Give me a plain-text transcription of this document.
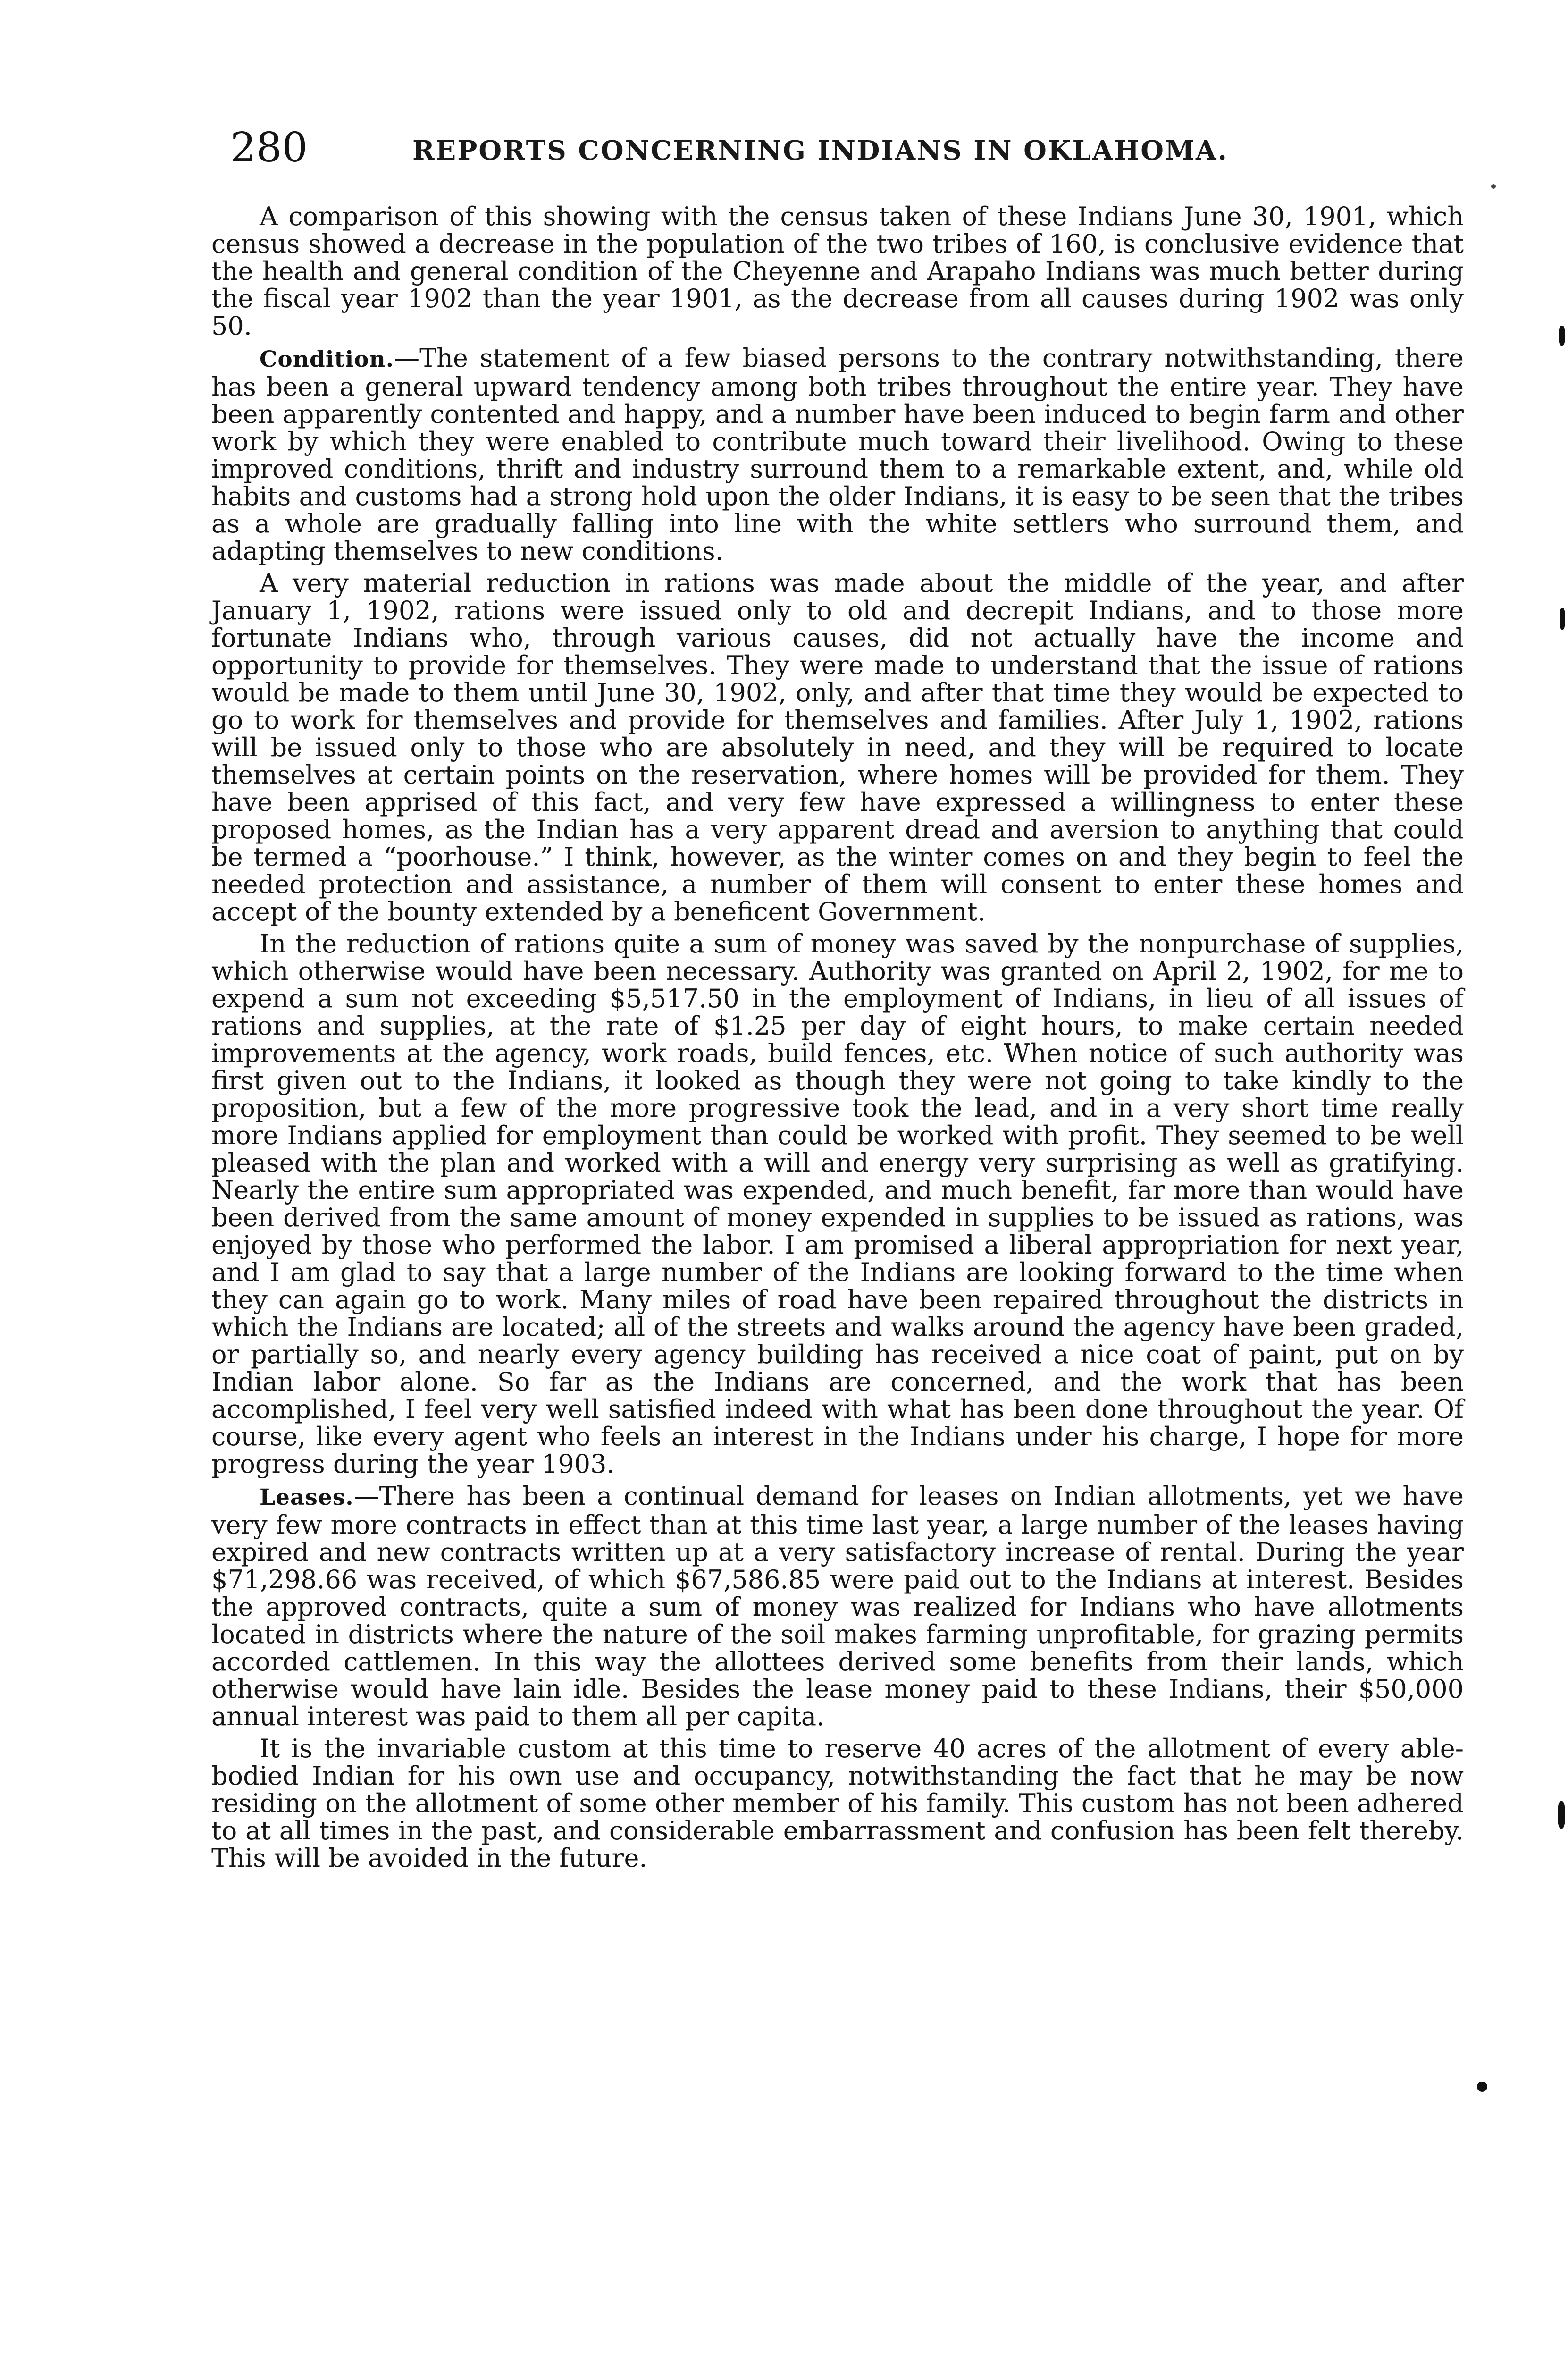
280	REPORTS CONCERNING INDIANS IN OKLAHOMA.

A comparison of this showing with the census taken of these Indians June 30, 1901, which census showed a decrease in the population of the two tribes of 160, is conclusive evidence that the health and general condition of the Cheyenne and Arapaho Indians was much better during the fiscal year 1902 than the year 1901, as the decrease from all causes during 1902 was only 50.

Condition.—The statement of a few biased persons to the contrary notwithstanding, there has been a general upward tendency among both tribes throughout the entire year. They have been apparently contented and happy, and a number have been induced to begin farm and other work by which they were enabled to contribute much toward their livelihood. Owing to these improved conditions, thrift and industry surround them to a remarkable extent, and, while old habits and customs had a strong hold upon the older Indians, it is easy to be seen that the tribes as a whole are gradually falling into line with the white settlers who surround them, and adapting themselves to new conditions.

A very material reduction in rations was made about the middle of the year, and after January 1, 1902, rations were issued only to old and decrepit Indians, and to those more fortunate Indians who, through various causes, did not actually have the income and opportunity to provide for themselves. They were made to understand that the issue of rations would be made to them until June 30, 1902, only, and after that time they would be expected to go to work for themselves and provide for themselves and families. After July 1, 1902, rations will be issued only to those who are absolutely in need, and they will be required to locate themselves at certain points on the reservation, where homes will be provided for them. They have been apprised of this fact, and very few have expressed a willingness to enter these proposed homes, as the Indian has a very apparent dread and aversion to anything that could be termed a “poorhouse.” I think, however, as the winter comes on and they begin to feel the needed protection and assistance, a number of them will consent to enter these homes and accept of the bounty extended by a beneficent Government.

In the reduction of rations quite a sum of money was saved by the nonpurchase of supplies, which otherwise would have been necessary. Authority was granted on April 2, 1902, for me to expend a sum not exceeding $5,517.50 in the employment of Indians, in lieu of all issues of rations and supplies, at the rate of $1.25 per day of eight hours, to make certain needed improvements at the agency, work roads, build fences, etc. When notice of such authority was first given out to the Indians, it looked as though they were not going to take kindly to the proposition, but a few of the more progressive took the lead, and in a very short time really more Indians applied for employment than could be worked with profit. They seemed to be well pleased with the plan and worked with a will and energy very surprising as well as gratifying. Nearly the entire sum appropriated was expended, and much benefit, far more than would have been derived from the same amount of money expended in supplies to be issued as rations, was enjoyed by those who performed the labor. I am promised a liberal appropriation for next year, and I am glad to say that a large number of the Indians are looking forward to the time when they can again go to work. Many miles of road have been repaired throughout the districts in which the Indians are located; all of the streets and walks around the agency have been graded, or partially so, and nearly every agency building has received a nice coat of paint, put on by Indian labor alone. So far as the Indians are concerned, and the work that has been accomplished, I feel very well satisfied indeed with what has been done throughout the year. Of course, like every agent who feels an interest in the Indians under his charge, I hope for more progress during the year 1903.

Leases.—There has been a continual demand for leases on Indian allotments, yet we have very few more contracts in effect than at this time last year, a large number of the leases having expired and new contracts written up at a very satisfactory increase of rental. During the year $71,298.66 was received, of which $67,586.85 were paid out to the Indians at interest. Besides the approved contracts, quite a sum of money was realized for Indians who have allotments located in districts where the nature of the soil makes farming unprofitable, for grazing permits accorded cattlemen. In this way the allottees derived some benefits from their lands, which otherwise would have lain idle. Besides the lease money paid to these Indians, their $50,000 annual interest was paid to them all per capita.

It is the invariable custom at this time to reserve 40 acres of the allotment of every able-bodied Indian for his own use and occupancy, notwithstanding the fact that he may be now residing on the allotment of some other member of his family. This custom has not been adhered to at all times in the past, and considerable embarrassment and confusion has been felt thereby. This will be avoided in the future.
